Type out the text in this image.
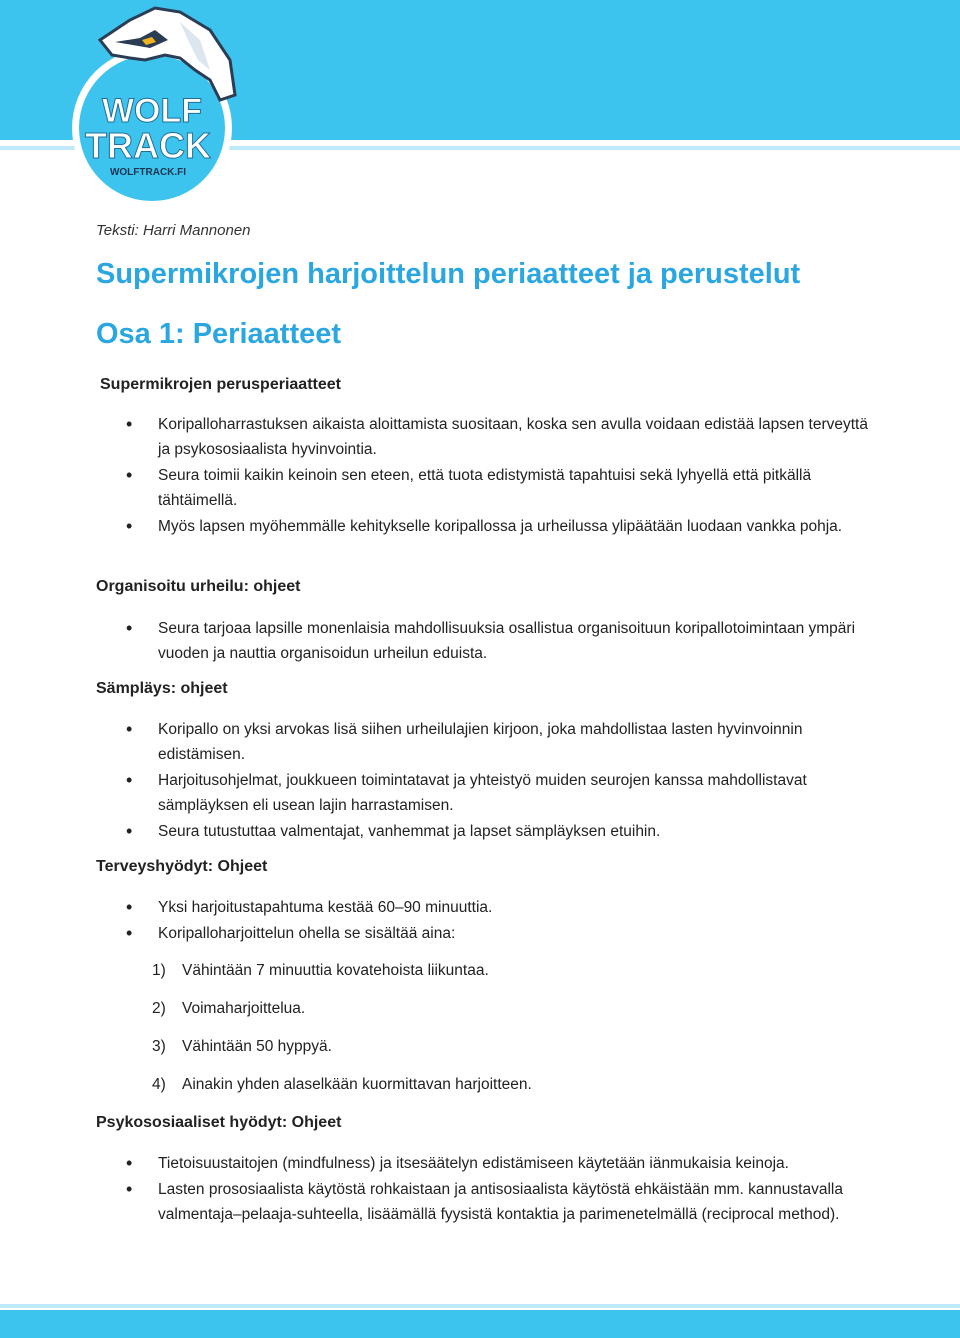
WOLF
TRACK
WOLFTRACK.FI
Teksti: Harri Mannonen
Supermikrojen harjoittelun periaatteet ja perustelut
Osa 1: Periaatteet
Supermikrojen perusperiaatteet
• Koripalloharrastuksen aikaista aloittamista suositaan, koska sen avulla voidaan edistää lapsen terveyttä ja psykososiaalista hyvinvointia.
• Seura toimii kaikin keinoin sen eteen, että tuota edistymistä tapahtuisi sekä lyhyellä että pitkällä tähtäimellä.
• Myös lapsen myöhemmälle kehitykselle koripallossa ja urheilussa ylipäätään luodaan vankka pohja.
Organisoitu urheilu: ohjeet
• Seura tarjoaa lapsille monenlaisia mahdollisuuksia osallistua organisoituun koripallotoimintaan ympäri vuoden ja nauttia organisoidun urheilun eduista.
Sämpläys: ohjeet
• Koripallo on yksi arvokas lisä siihen urheilulajien kirjoon, joka mahdollistaa lasten hyvinvoinnin edistämisen.
• Harjoitusohjelmat, joukkueen toimintatavat ja yhteistyö muiden seurojen kanssa mahdollistavat sämpläyksen eli usean lajin harrastamisen.
• Seura tutustuttaa valmentajat, vanhemmat ja lapset sämpläyksen etuihin.
Terveyshyödyt: Ohjeet
• Yksi harjoitustapahtuma kestää 60–90 minuuttia.
• Koripalloharjoittelun ohella se sisältää aina:
1) Vähintään 7 minuuttia kovatehoista liikuntaa.
2) Voimaharjoittelua.
3) Vähintään 50 hyppyä.
4) Ainakin yhden alaselkään kuormittavan harjoitteen.
Psykososiaaliset hyödyt: Ohjeet
• Tietoisuustaitojen (mindfulness) ja itsesäätelyn edistämiseen käytetään iänmukaisia keinoja.
• Lasten prososiaalista käytöstä rohkaistaan ja antisosiaalista käytöstä ehkäistään mm. kannustavalla valmentaja–pelaaja-suhteella, lisäämällä fyysistä kontaktia ja parimenetelmällä (reciprocal method).
